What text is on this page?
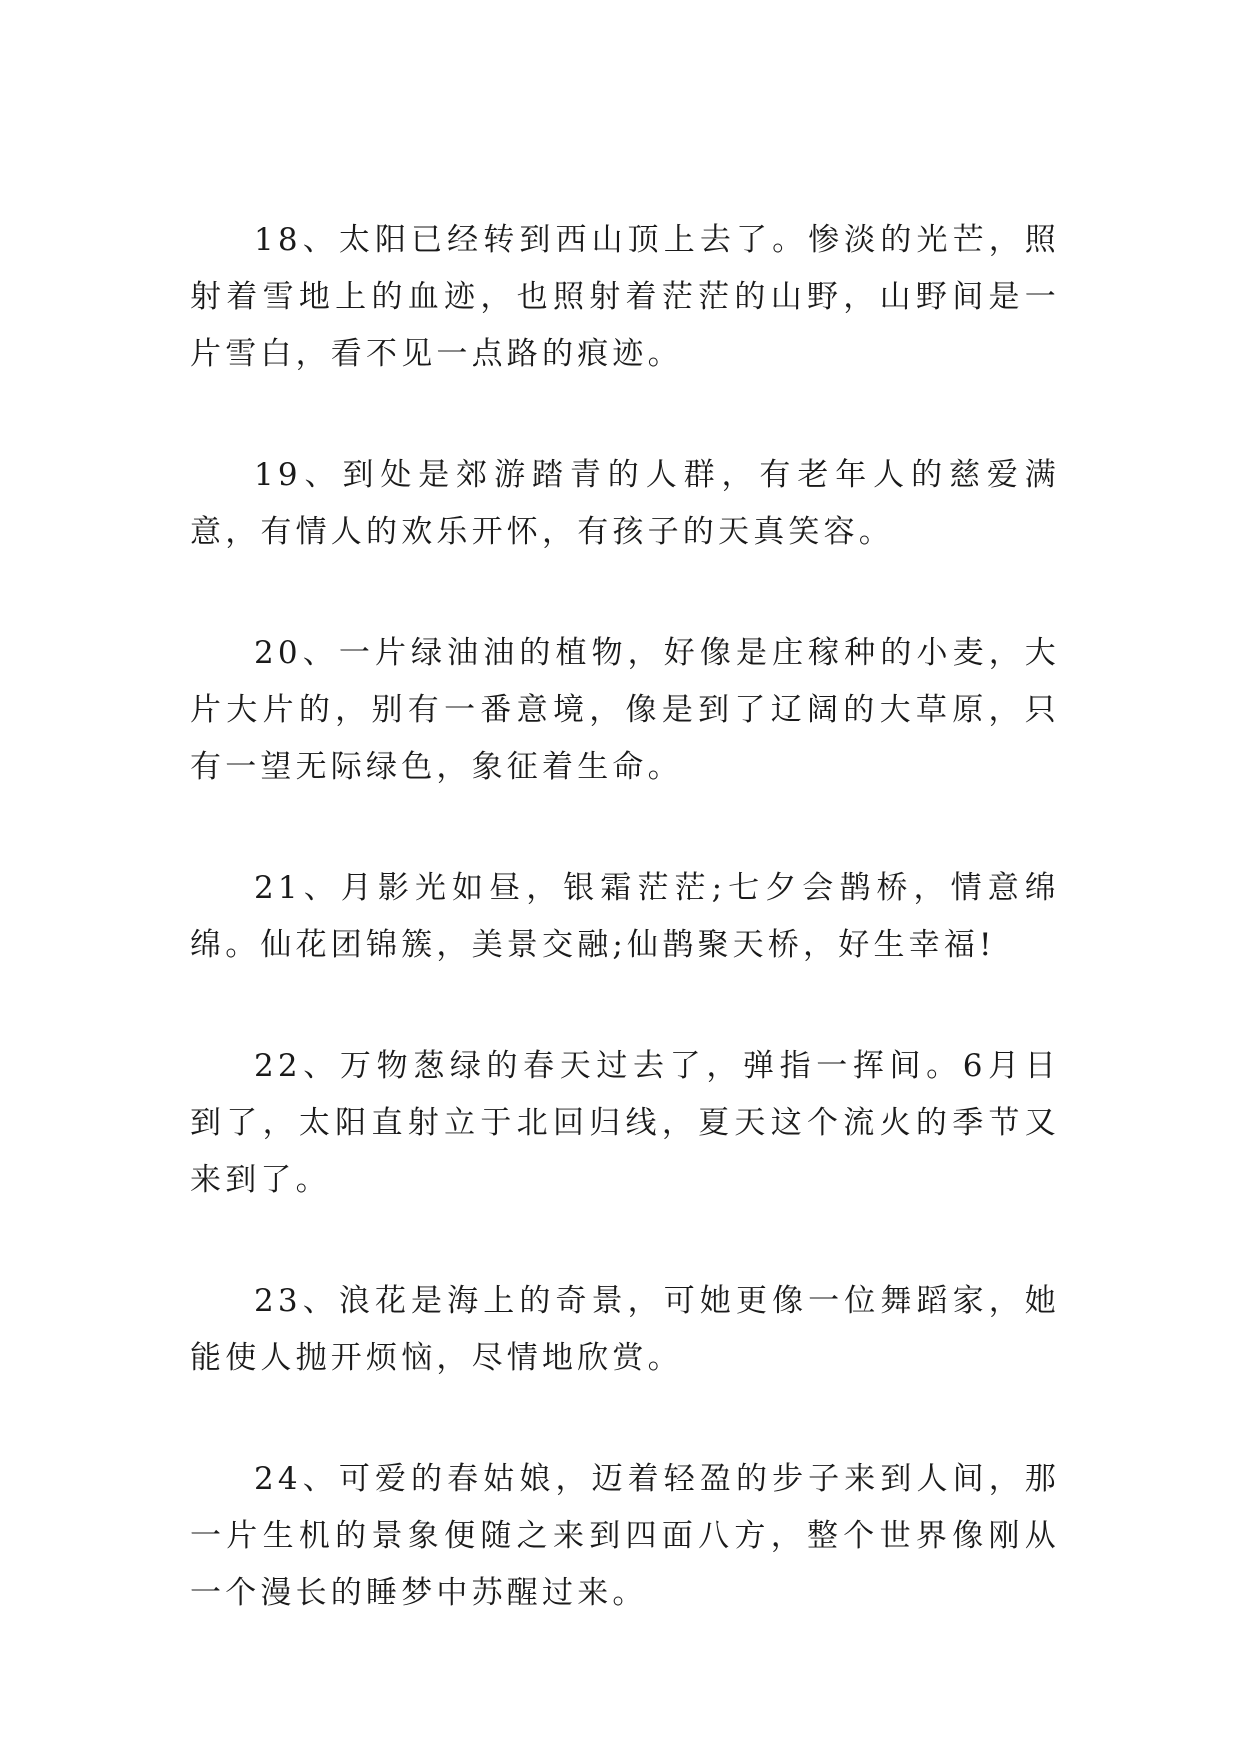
18、太阳已经转到西山顶上去了。惨淡的光芒，照射着雪地上的血迹，也照射着茫茫的山野，山野间是一片雪白，看不见一点路的痕迹。

19、到处是郊游踏青的人群，有老年人的慈爱满意，有情人的欢乐开怀，有孩子的天真笑容。

20、一片绿油油的植物，好像是庄稼种的小麦，大片大片的，别有一番意境，像是到了辽阔的大草原，只有一望无际绿色，象征着生命。

21、月影光如昼，银霜茫茫;七夕会鹊桥，情意绵绵。仙花团锦簇，美景交融;仙鹊聚天桥，好生幸福!

22、万物葱绿的春天过去了，弹指一挥间。6月日到了，太阳直射立于北回归线，夏天这个流火的季节又来到了。

23、浪花是海上的奇景，可她更像一位舞蹈家，她能使人抛开烦恼，尽情地欣赏。

24、可爱的春姑娘，迈着轻盈的步子来到人间，那一片生机的景象便随之来到四面八方，整个世界像刚从一个漫长的睡梦中苏醒过来。
